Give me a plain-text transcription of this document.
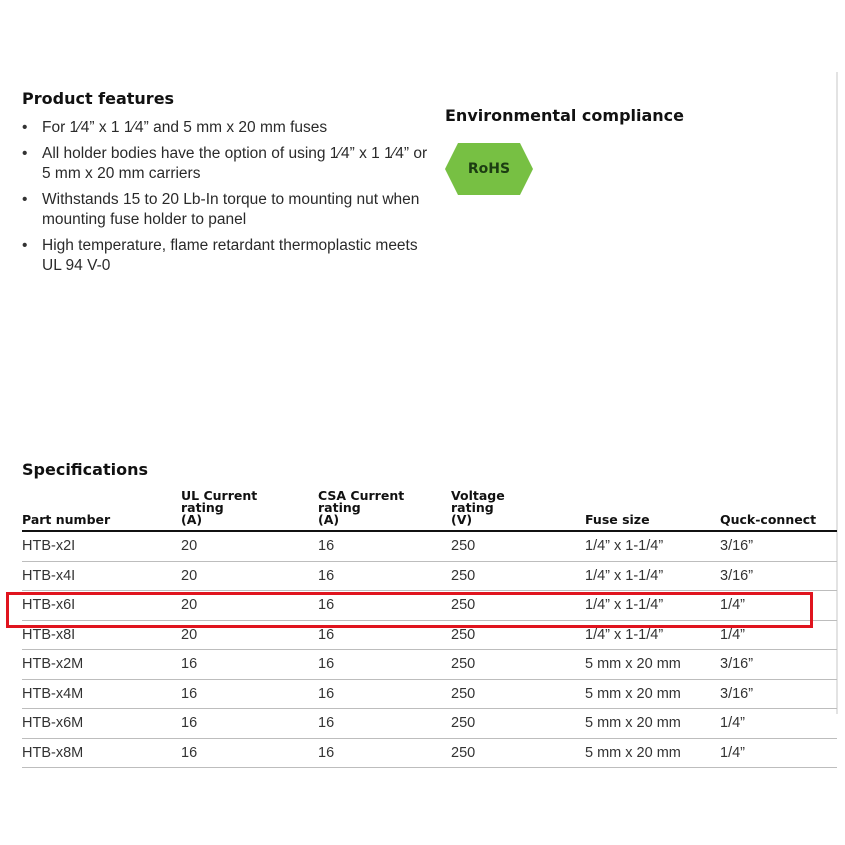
Product features
• For 1⁄4” x 1 1⁄4” and 5 mm x 20 mm fuses
• All holder bodies have the option of using 1⁄4” x 1 1⁄4” or 5 mm x 20 mm carriers
• Withstands 15 to 20 Lb-In torque to mounting nut when mounting fuse holder to panel
• High temperature, flame retardant thermoplastic meets UL 94 V-0
Environmental compliance
RoHS
Specifications
Part number	UL Current
rating
(A)	CSA Current
rating
(A)	Voltage
rating
(V)	Fuse size	Quck-connect
HTB-x2I	20	16	250	1/4” x 1-1/4”	3/16”
HTB-x4I	20	16	250	1/4” x 1-1/4”	3/16”
HTB-x6I	20	16	250	1/4” x 1-1/4”	1/4”
HTB-x8I	20	16	250	1/4” x 1-1/4”	1/4”
HTB-x2M	16	16	250	5 mm x 20 mm	3/16”
HTB-x4M	16	16	250	5 mm x 20 mm	3/16”
HTB-x6M	16	16	250	5 mm x 20 mm	1/4”
HTB-x8M	16	16	250	5 mm x 20 mm	1/4”
